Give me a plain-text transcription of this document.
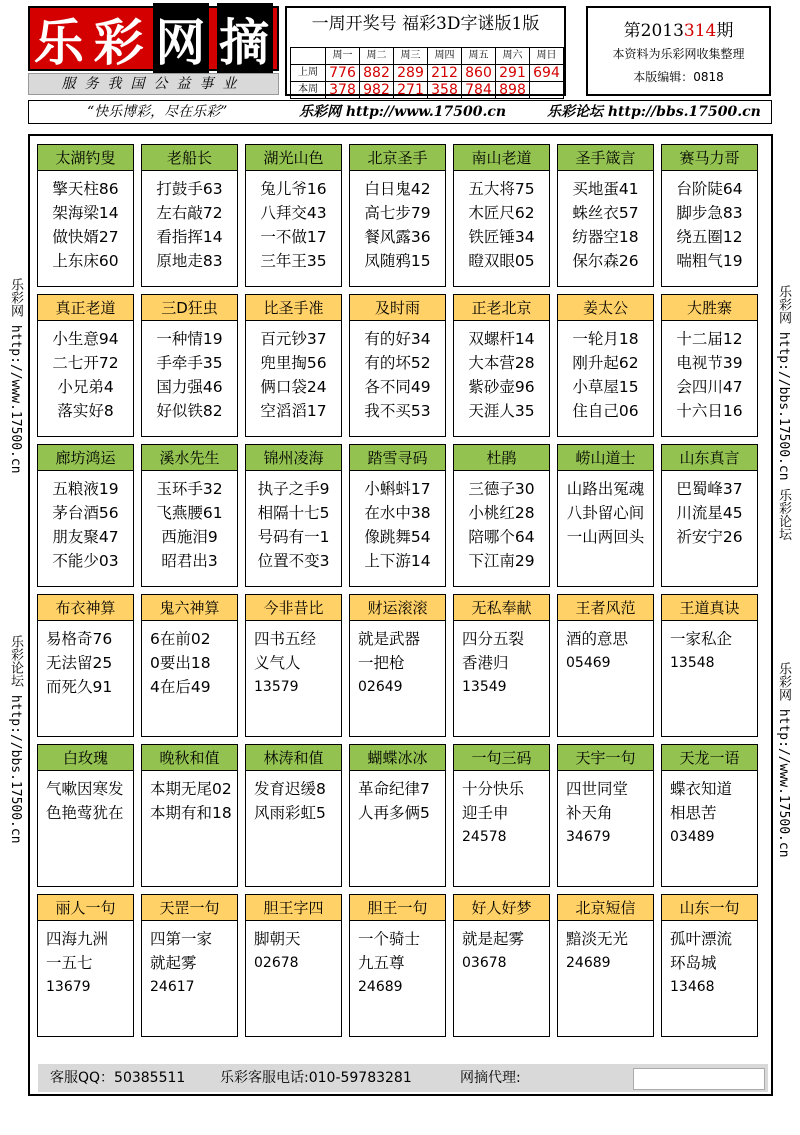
乐 彩 网 摘
服务我国公益事业
一周开奖号 福彩3D字谜版1版
	周一	周二	周三	周四	周五	周六	周日
上周	776	882	289	212	860	291	694
本周	378	982	271	358	784	898	
第2013314期
本资料为乐彩网收集整理
本版编辑：0818
“快乐博彩，尽在乐彩”	乐彩网 http://www.17500.cn	乐彩论坛 http://bbs.17500.cn
乐彩网 http://www.17500.cn
乐彩论坛 http://bbs.17500.cn
乐彩网 http://bbs.17500.cn 乐彩论坛
乐彩网 http://www.17500.cn
太湖钓叟
擎天柱86
架海梁14
做快婿27
上东床60
老船长
打鼓手63
左右敲72
看指挥14
原地走83
湖光山色
兔儿爷16
八拜交43
一不做17
三年王35
北京圣手
白日鬼42
高七步79
餐风露36
凤随鸦15
南山老道
五大将75
木匠尺62
铁匠锤34
瞪双眼05
圣手箴言
买地蛋41
蛛丝衣57
纺器空18
保尔森26
赛马力哥
台阶陡64
脚步急83
绕五圈12
喘粗气19
真正老道
小生意94
二七开72
小兄弟4
落实好8
三D狂虫
一种情19
手牵手35
国力强46
好似铁82
比圣手准
百元钞37
兜里掏56
俩口袋24
空滔滔17
及时雨
有的好34
有的坏52
各不同49
我不买53
正老北京
双螺杆14
大本营28
紫砂壶96
天涯人35
姜太公
一轮月18
刚升起62
小草屋15
住自己06
大胜寨
十二届12
电视节39
会四川47
十六日16
廊坊鸿运
五粮液19
茅台酒56
朋友聚47
不能少03
溪水先生
玉环手32
飞燕腰61
西施泪9
昭君出3
锦州凌海
执子之手9
相隔十七5
号码有一1
位置不变3
踏雪寻码
小蝌蚪17
在水中38
像跳舞54
上下游14
杜鹃
三德子30
小桃红28
陪哪个64
下江南29
崂山道士
山路出冤魂
八卦留心间
一山两回头
山东真言
巴蜀峰37
川流星45
祈安宁26
布衣神算
易格奇76
无法留25
而死久91
鬼六神算
6在前02
0要出18
4在后49
今非昔比
四书五经
义气人
13579
财运滚滚
就是武器
一把枪
02649
无私奉献
四分五裂
香港归
13549
王者风范
酒的意思
05469
王道真诀
一家私企
13548
白玫瑰
气嗽因寒发
色艳莺犹在
晚秋和值
本期无尾02
本期有和18
林涛和值
发育迟缓8
风雨彩虹5
蝴蝶冰冰
革命纪律7
人再多俩5
一句三码
十分快乐
迎壬申
24578
天宇一句
四世同堂
补天角
34679
天龙一语
蝶衣知道
相思苦
03489
丽人一句
四海九洲
一五七
13679
天罡一句
四第一家
就起雾
24617
胆王字四
脚朝天
02678
胆王一句
一个骑士
九五尊
24689
好人好梦
就是起雾
03678
北京短信
黯淡无光
24689
山东一句
孤叶漂流
环岛城
13468
客服QQ：50385511 乐彩客服电话:010-59783281	网摘代理:
